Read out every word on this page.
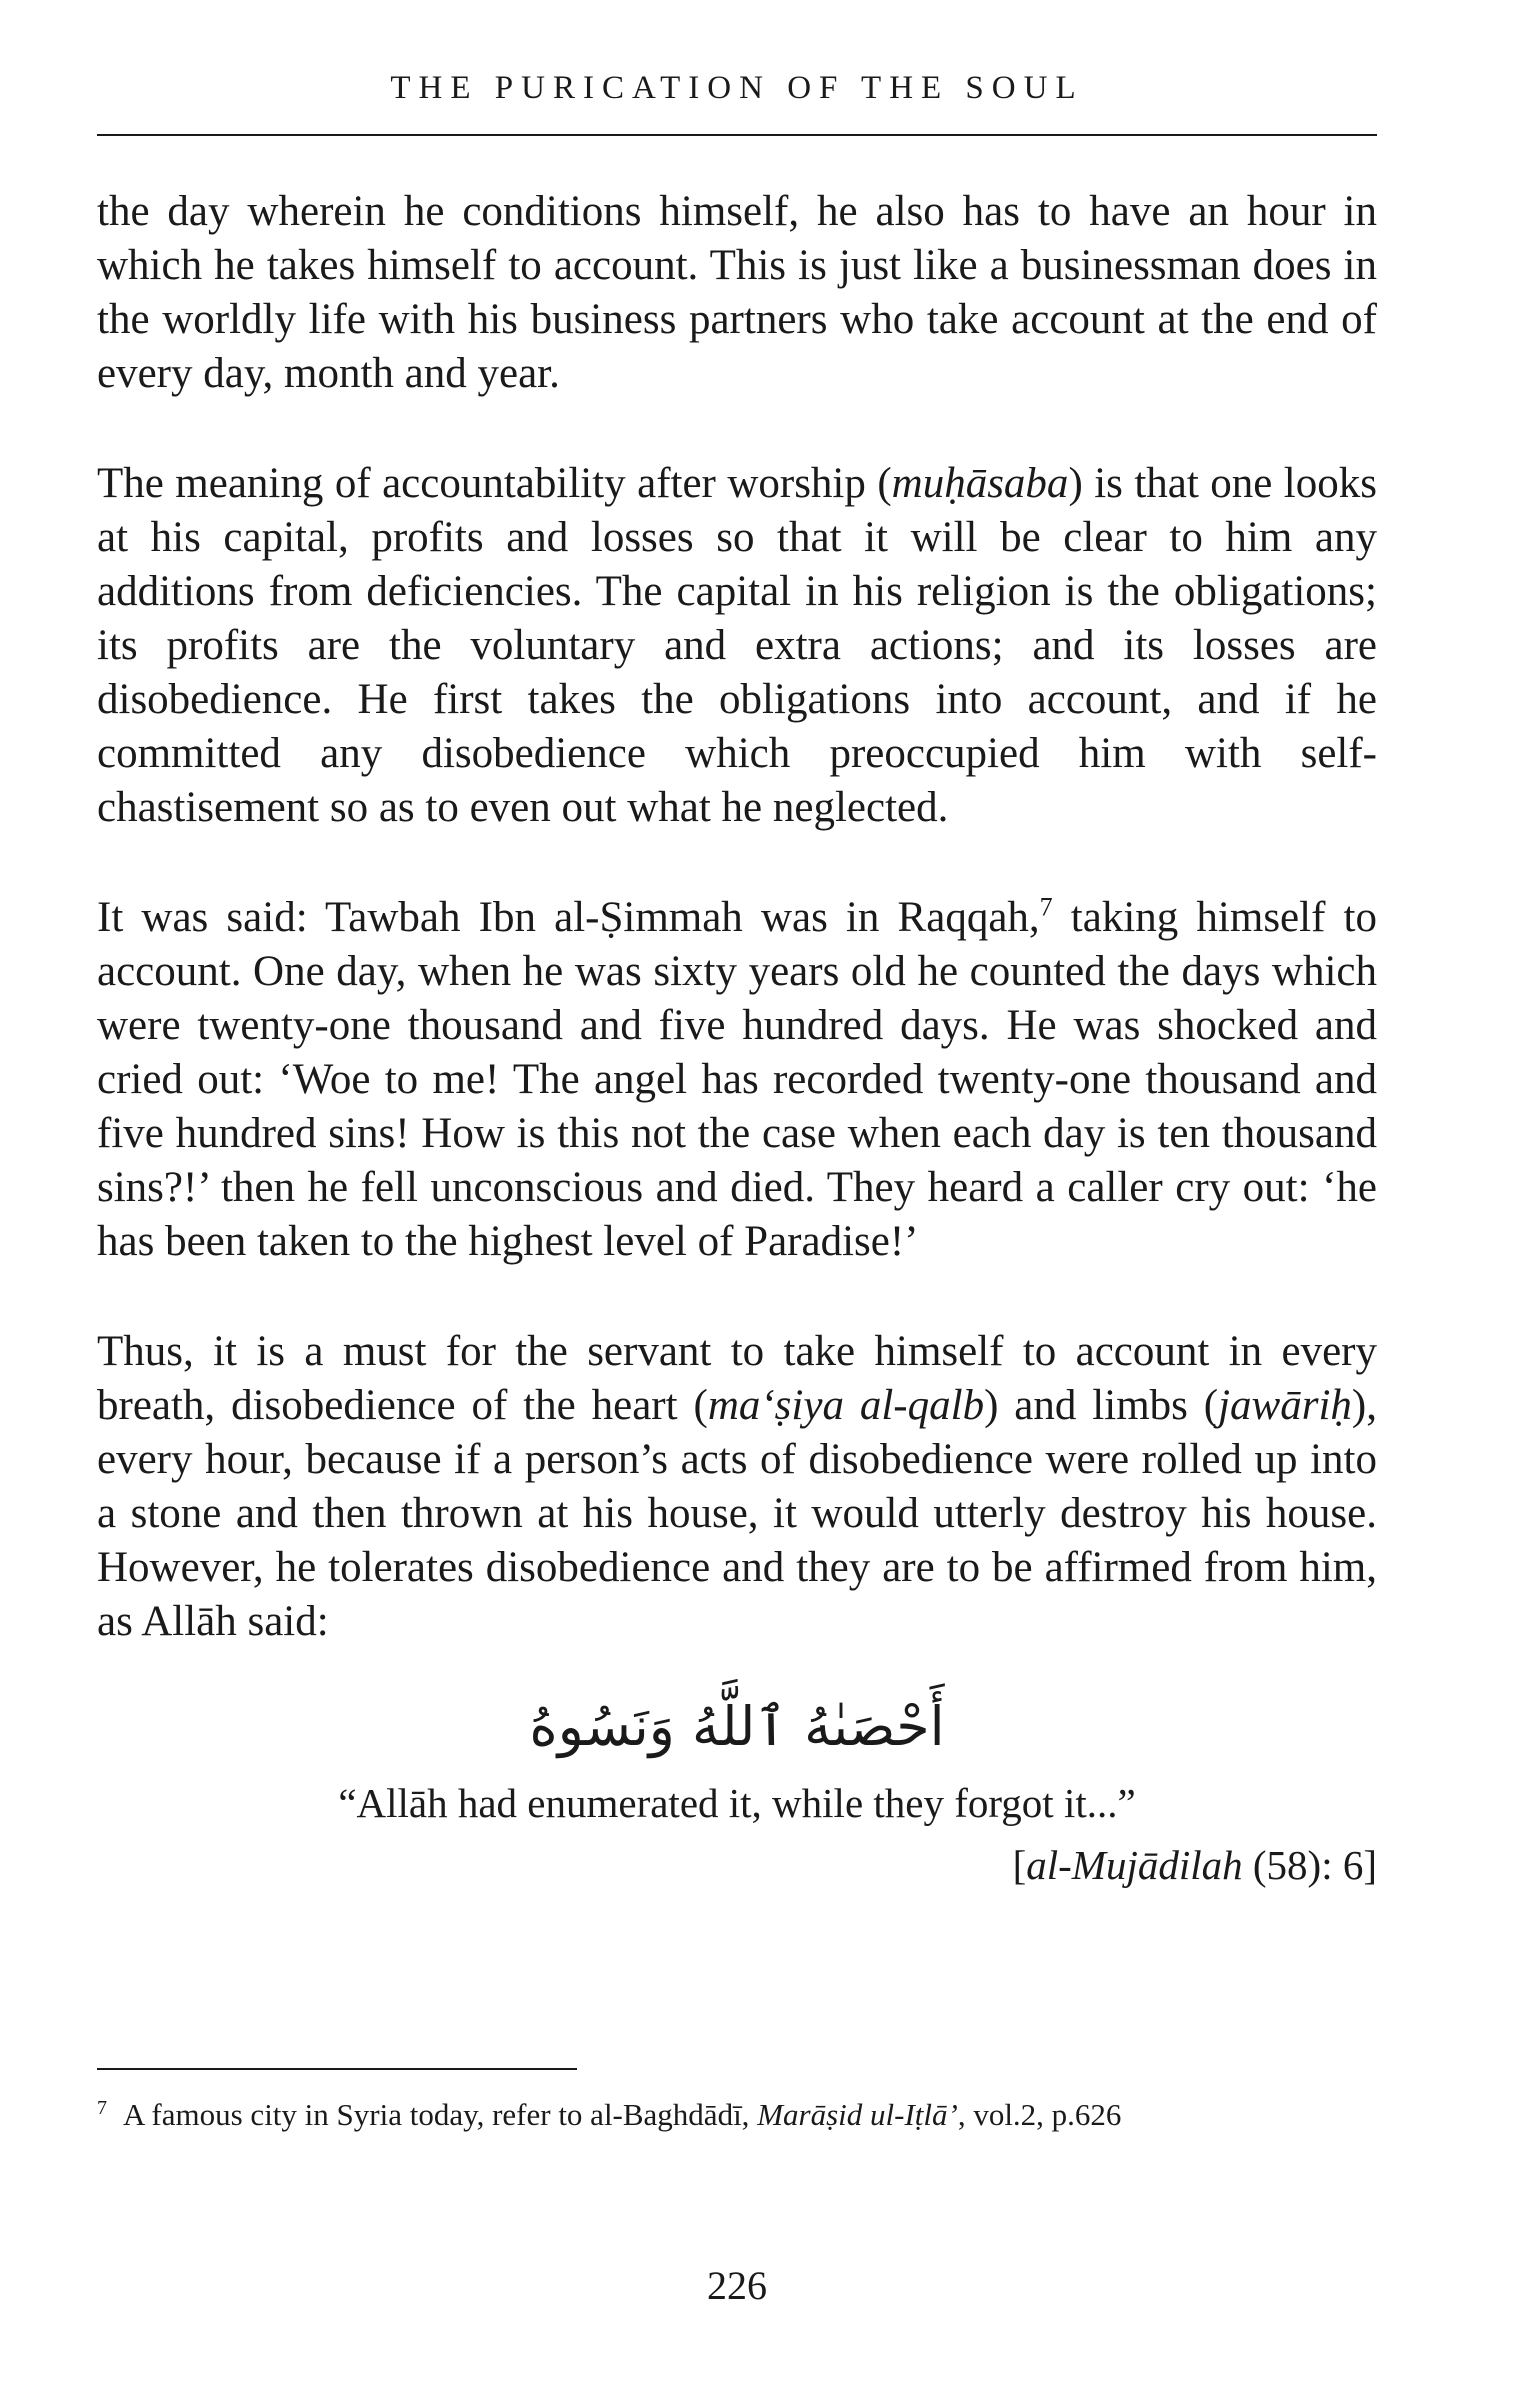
THE PURICATION OF THE SOUL

the day wherein he conditions himself, he also has to have an hour in which he takes himself to account. This is just like a businessman does in the worldly life with his business partners who take account at the end of every day, month and year.

The meaning of accountability after worship (muḥāsaba) is that one looks at his capital, profits and losses so that it will be clear to him any additions from deficiencies. The capital in his religion is the obligations; its profits are the voluntary and extra actions; and its losses are disobedience. He first takes the obligations into account, and if he committed any disobedience which preoccupied him with self-chastisement so as to even out what he neglected.

It was said: Tawbah Ibn al-Ṣimmah was in Raqqah,$^7$ taking himself to account. One day, when he was sixty years old he counted the days which were twenty-one thousand and five hundred days. He was shocked and cried out: ‘Woe to me! The angel has recorded twenty-one thousand and five hundred sins! How is this not the case when each day is ten thousand sins?!’ then he fell unconscious and died. They heard a caller cry out: ‘he has been taken to the highest level of Paradise!’

Thus, it is a must for the servant to take himself to account in every breath, disobedience of the heart (ma‘ṣiya al-qalb) and limbs (jawāriḥ), every hour, because if a person’s acts of disobedience were rolled up into a stone and then thrown at his house, it would utterly destroy his house. However, he tolerates disobedience and they are to be affirmed from him, as Allāh said:

أَحْصَىٰهُ ٱللَّهُ وَنَسُوهُ
“Allāh had enumerated it, while they forgot it...”
[al-Mujādilah (58): 6]
$^7$ A famous city in Syria today, refer to al-Baghdādī, Marāṣid ul-Iṭlā’, vol.2, p.626
226
